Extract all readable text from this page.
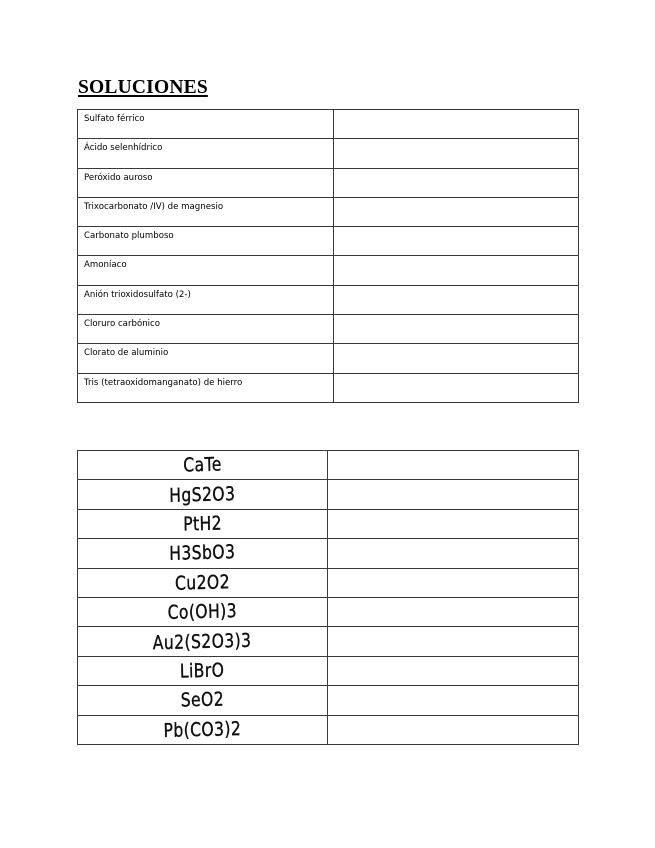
SOLUCIONES
Sulfato férrico	
Ácido selenhídrico	
Peróxido auroso	
Trixocarbonato /IV) de magnesio	
Carbonato plumboso	
Amoníaco	
Anión trioxidosulfato (2-)	
Cloruro carbónico	
Clorato de aluminio	
Tris (tetraoxidomanganato) de hierro	
CaTe	
HgS2O3	
PtH2	
H3SbO3	
Cu2O2	
Co(OH)3	
Au2(S2O3)3	
LiBrO	
SeO2	
Pb(CO3)2	
